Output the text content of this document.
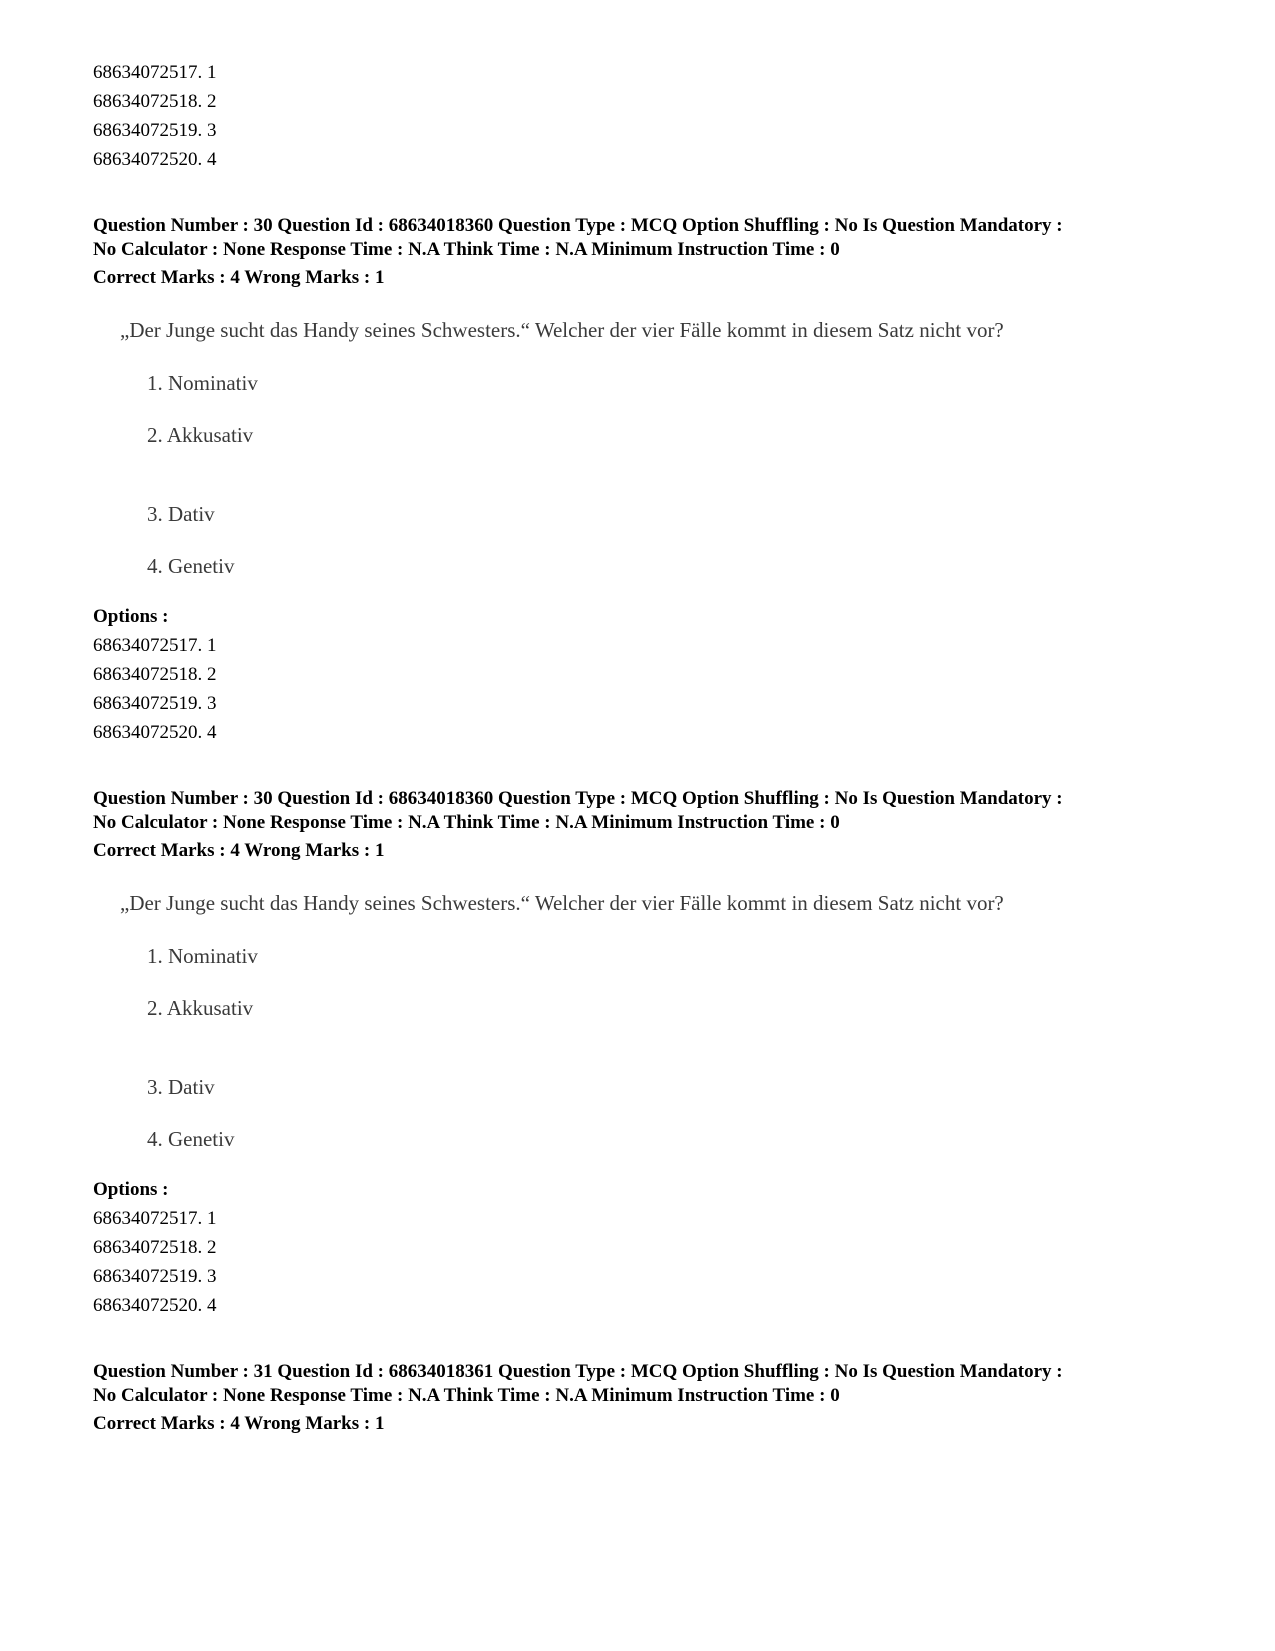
68634072517. 1
68634072518. 2
68634072519. 3
68634072520. 4
Question Number : 30 Question Id : 68634018360 Question Type : MCQ Option Shuffling : No Is Question Mandatory :
No Calculator : None Response Time : N.A Think Time : N.A Minimum Instruction Time : 0
Correct Marks : 4 Wrong Marks : 1
„Der Junge sucht das Handy seines Schwesters.“ Welcher der vier Fälle kommt in diesem Satz nicht vor?
1. Nominativ
2. Akkusativ
3. Dativ
4. Genetiv
Options :
68634072517. 1
68634072518. 2
68634072519. 3
68634072520. 4
Question Number : 30 Question Id : 68634018360 Question Type : MCQ Option Shuffling : No Is Question Mandatory :
No Calculator : None Response Time : N.A Think Time : N.A Minimum Instruction Time : 0
Correct Marks : 4 Wrong Marks : 1
„Der Junge sucht das Handy seines Schwesters.“ Welcher der vier Fälle kommt in diesem Satz nicht vor?
1. Nominativ
2. Akkusativ
3. Dativ
4. Genetiv
Options :
68634072517. 1
68634072518. 2
68634072519. 3
68634072520. 4
Question Number : 31 Question Id : 68634018361 Question Type : MCQ Option Shuffling : No Is Question Mandatory :
No Calculator : None Response Time : N.A Think Time : N.A Minimum Instruction Time : 0
Correct Marks : 4 Wrong Marks : 1
